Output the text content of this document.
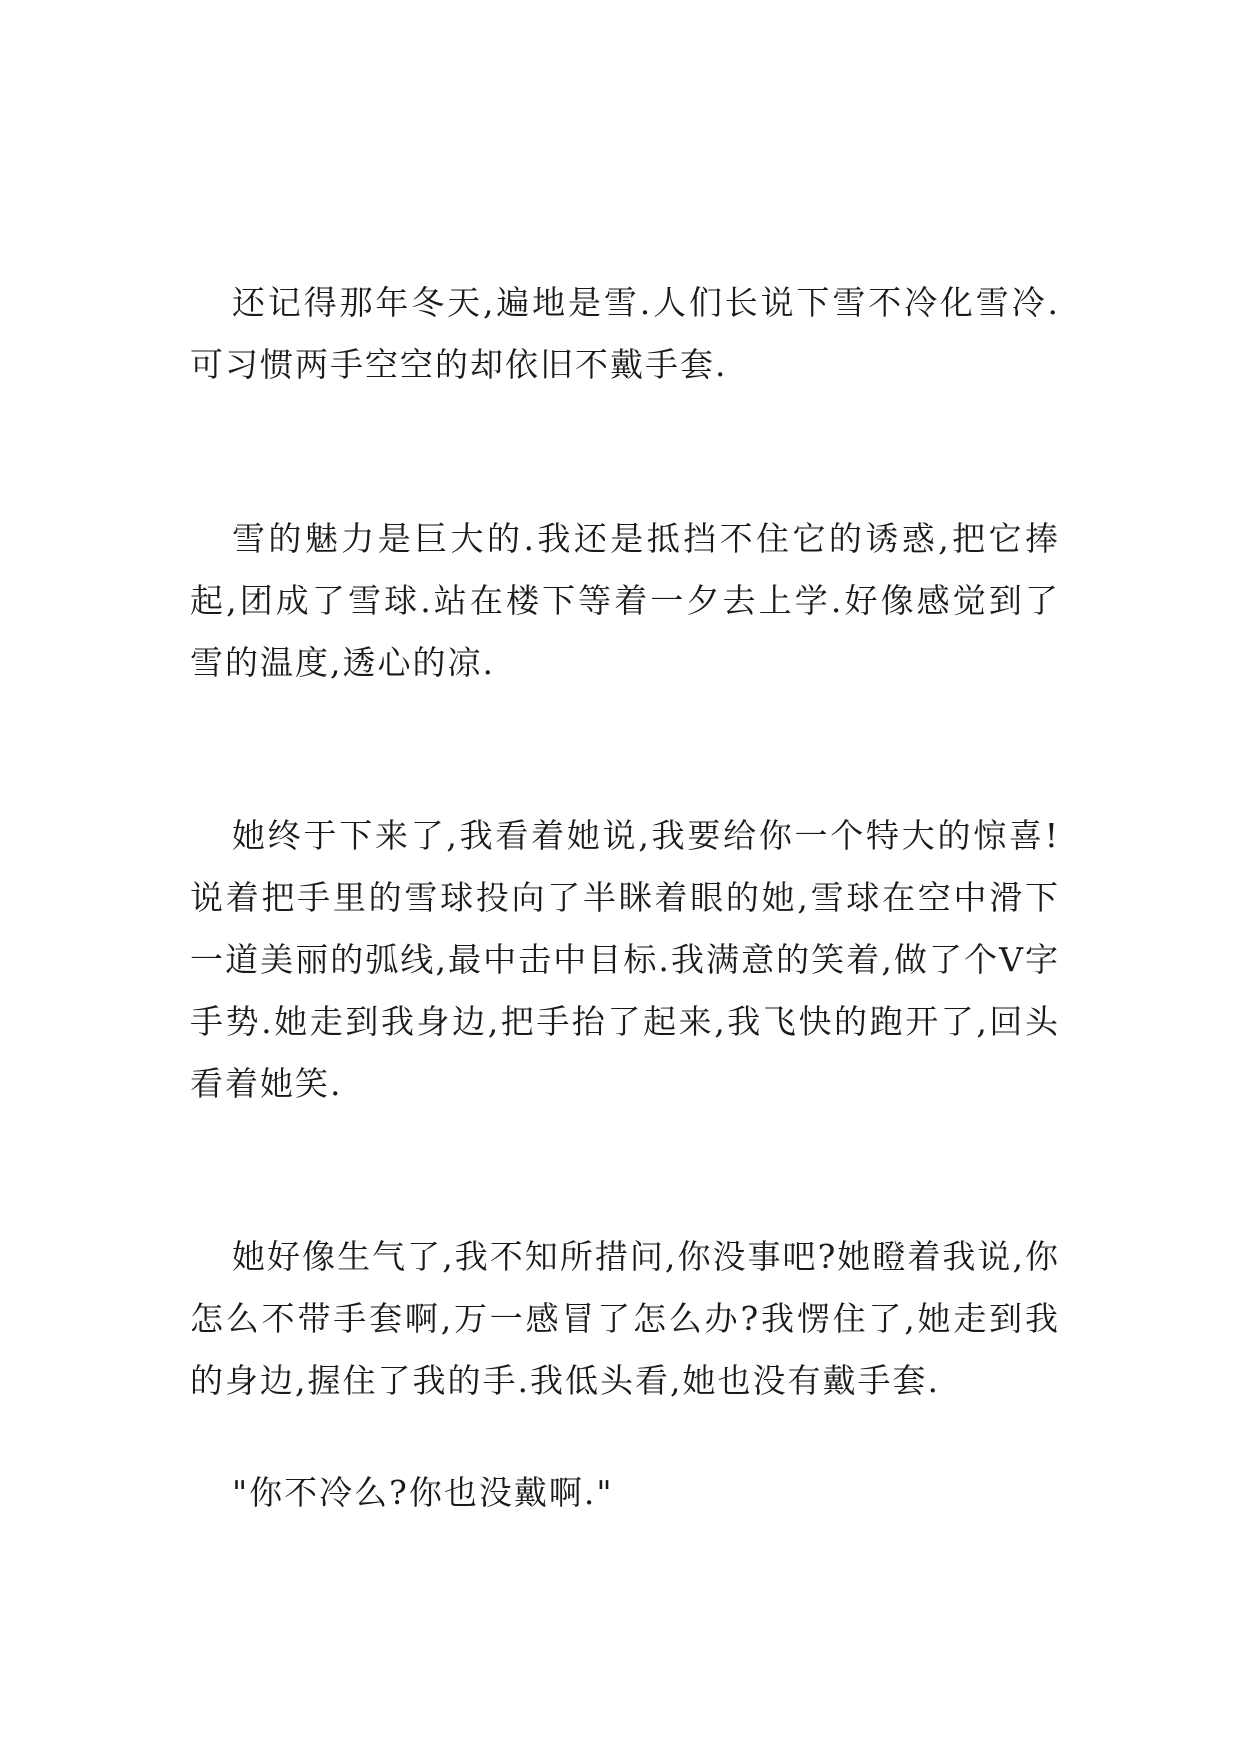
还记得那年冬天,遍地是雪.人们长说下雪不冷化雪冷.可习惯两手空空的却依旧不戴手套.

雪的魅力是巨大的.我还是抵挡不住它的诱惑,把它捧起,团成了雪球.站在楼下等着一夕去上学.好像感觉到了雪的温度,透心的凉.

她终于下来了,我看着她说,我要给你一个特大的惊喜!说着把手里的雪球投向了半眯着眼的她,雪球在空中滑下一道美丽的弧线,最中击中目标.我满意的笑着,做了个V字手势.她走到我身边,把手抬了起来,我飞快的跑开了,回头看着她笑.

她好像生气了,我不知所措问,你没事吧?她瞪着我说,你怎么不带手套啊,万一感冒了怎么办?我愣住了,她走到我的身边,握住了我的手.我低头看,她也没有戴手套.

"你不冷么?你也没戴啊."
